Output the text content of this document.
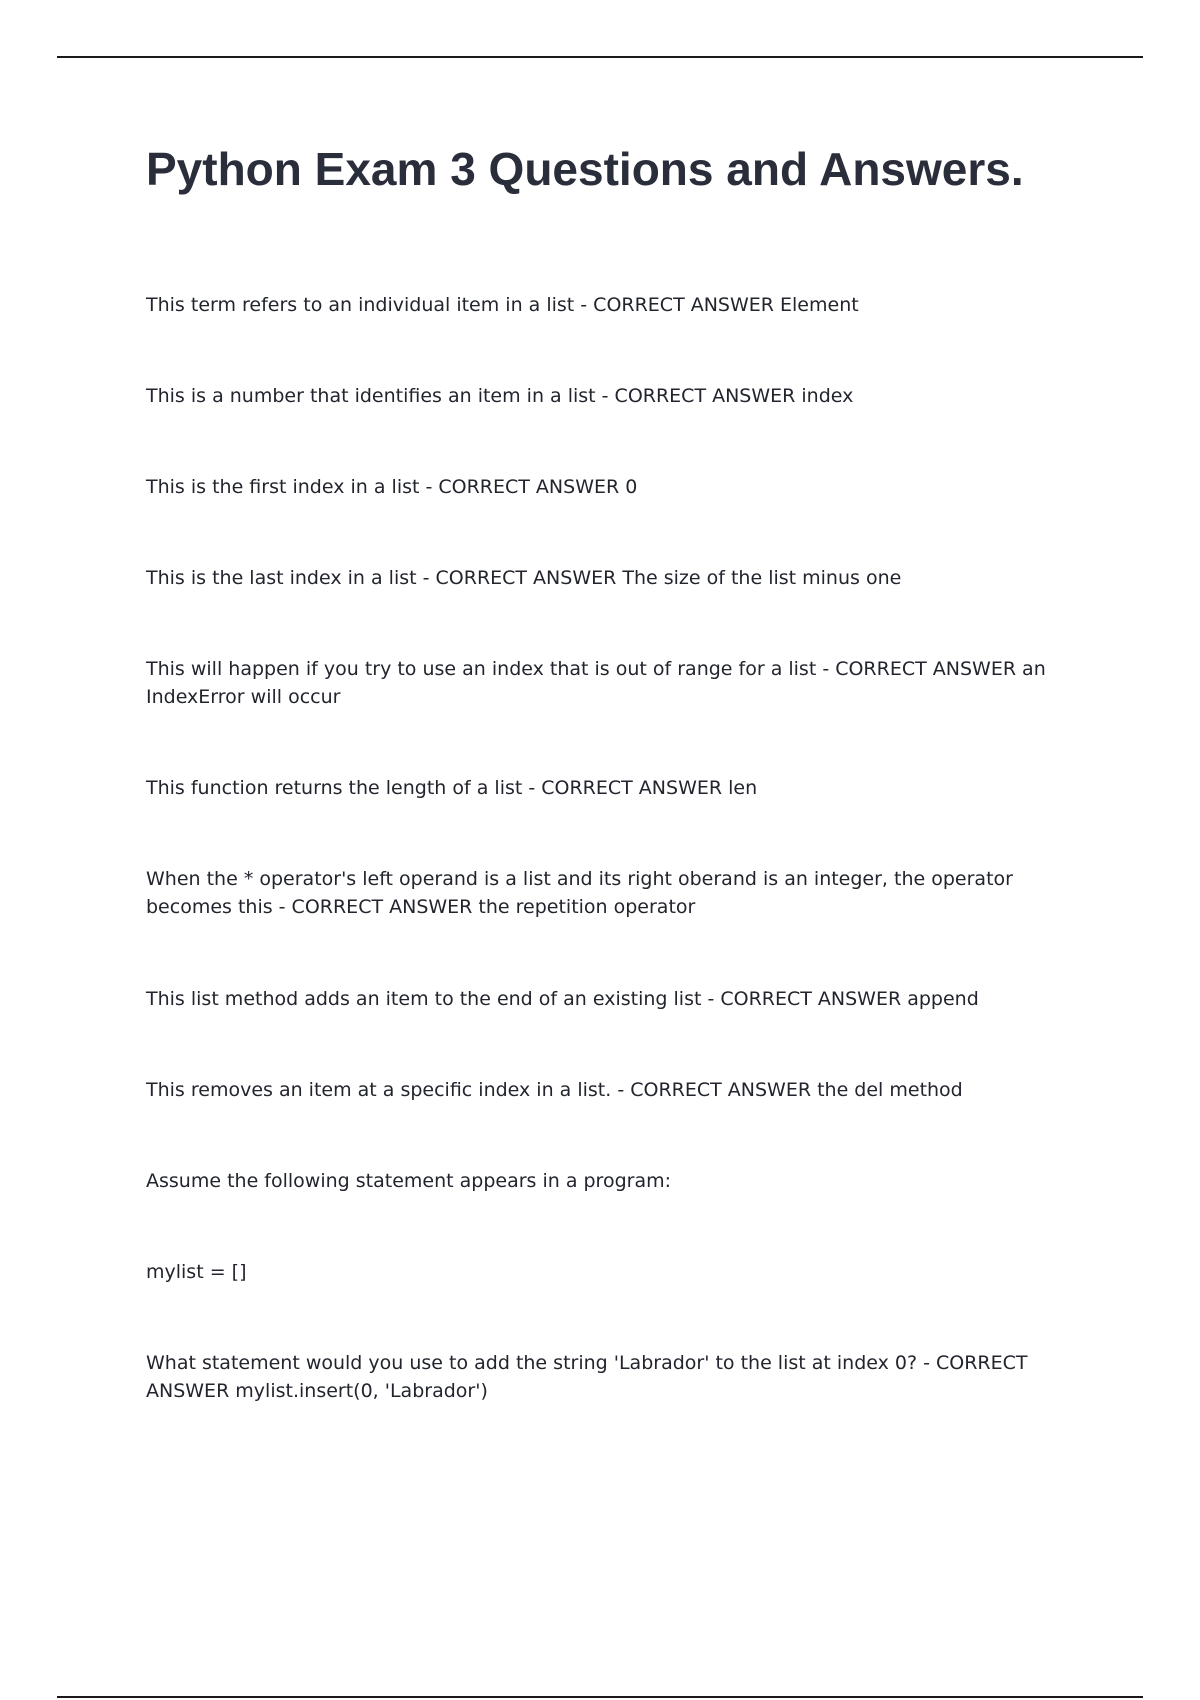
Python Exam 3 Questions and Answers.

This term refers to an individual item in a list - CORRECT ANSWER Element

This is a number that identifies an item in a list - CORRECT ANSWER index

This is the first index in a list - CORRECT ANSWER 0

This is the last index in a list - CORRECT ANSWER The size of the list minus one

This will happen if you try to use an index that is out of range for a list - CORRECT ANSWER an IndexError will occur

This function returns the length of a list - CORRECT ANSWER len

When the * operator's left operand is a list and its right oberand is an integer, the operator becomes this - CORRECT ANSWER the repetition operator

This list method adds an item to the end of an existing list - CORRECT ANSWER append

This removes an item at a specific index in a list. - CORRECT ANSWER the del method

Assume the following statement appears in a program:

mylist = []

What statement would you use to add the string 'Labrador' to the list at index 0? - CORRECT ANSWER mylist.insert(0, 'Labrador')
